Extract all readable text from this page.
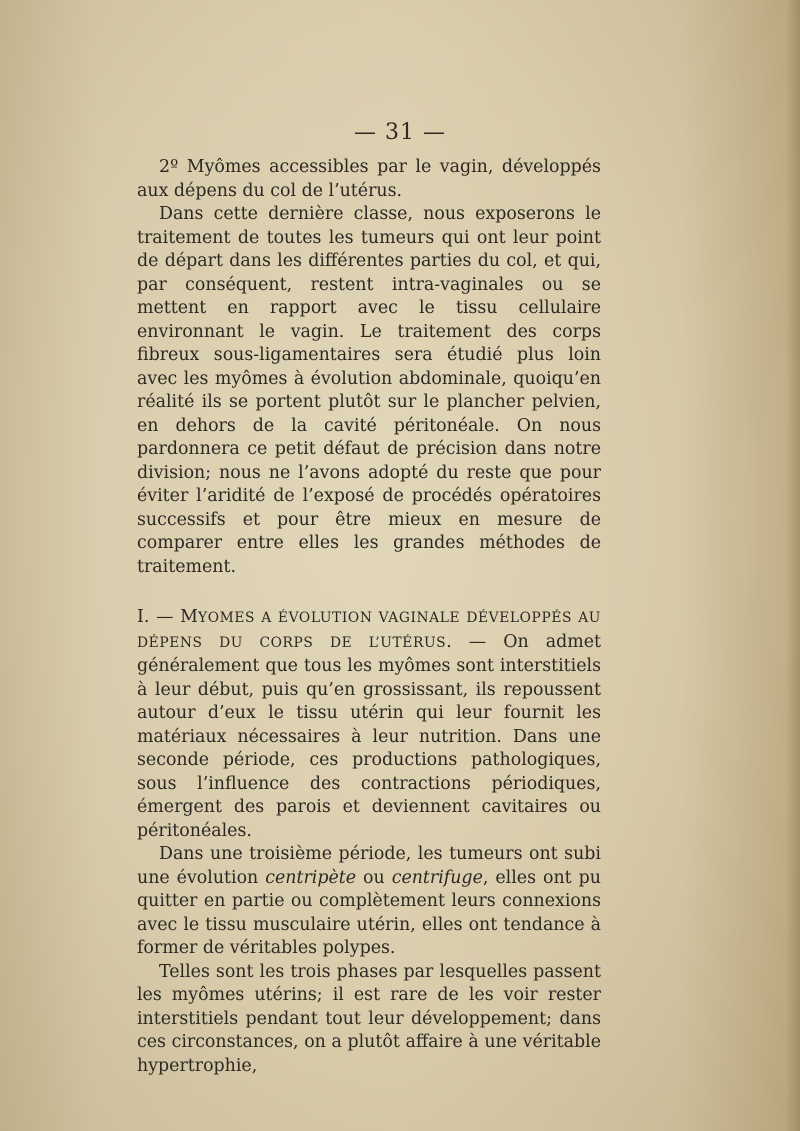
— 31 —

2º Myômes accessibles par le vagin, développés aux dépens du col de l’utérus.

Dans cette dernière classe, nous exposerons le traitement de toutes les tumeurs qui ont leur point de départ dans les différentes parties du col, et qui, par conséquent, restent intra-vaginales ou se mettent en rapport avec le tissu cellulaire environnant le vagin. Le traitement des corps fibreux sous-ligamentaires sera étudié plus loin avec les myômes à évolution abdominale, quoiqu’en réalité ils se portent plutôt sur le plancher pelvien, en dehors de la cavité péritonéale. On nous pardonnera ce petit défaut de précision dans notre division; nous ne l’avons adopté du reste que pour éviter l’aridité de l’exposé de procédés opératoires successifs et pour être mieux en mesure de comparer entre elles les grandes méthodes de traitement.

I. — MYOMES A ÉVOLUTION VAGINALE DÉVELOPPÉS AU DÉPENS DU CORPS DE L’UTÉRUS. — On admet généralement que tous les myômes sont interstitiels à leur début, puis qu’en grossissant, ils repoussent autour d’eux le tissu utérin qui leur fournit les matériaux nécessaires à leur nutrition. Dans une seconde période, ces productions pathologiques, sous l’influence des contractions périodiques, émergent des parois et deviennent cavitaires ou péritonéales.

Dans une troisième période, les tumeurs ont subi une évolution centripète ou centrifuge, elles ont pu quitter en partie ou complètement leurs connexions avec le tissu musculaire utérin, elles ont tendance à former de véritables polypes.

Telles sont les trois phases par lesquelles passent les myômes utérins; il est rare de les voir rester interstitiels pendant tout leur développement; dans ces circonstances, on a plutôt affaire à une véritable hypertrophie,
